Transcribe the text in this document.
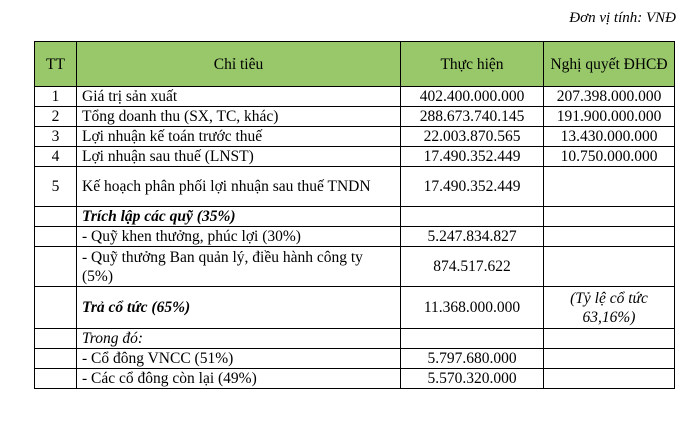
Đơn vị tính: VNĐ
TT	Chỉ tiêu	Thực hiện	Nghị quyết ĐHCĐ
1	Giá trị sản xuất	402.400.000.000	207.398.000.000
2	Tổng doanh thu (SX, TC, khác)	288.673.740.145	191.900.000.000
3	Lợi nhuận kế toán trước thuế	22.003.870.565	13.430.000.000
4	Lợi nhuận sau thuế (LNST)	17.490.352.449	10.750.000.000
5	Kế hoạch phân phối lợi nhuận sau thuế TNDN	17.490.352.449	
	Trích lập các quỹ (35%)		
	- Quỹ khen thưởng, phúc lợi (30%)	5.247.834.827	
	- Quỹ thưởng Ban quản lý, điều hành công ty (5%)	874.517.622	
	Trả cổ tức (65%)	11.368.000.000	(Tỷ lệ cổ tức 63,16%)
	Trong đó:		
	- Cổ đông VNCC (51%)	5.797.680.000	
	- Các cổ đông còn lại (49%)	5.570.320.000	
